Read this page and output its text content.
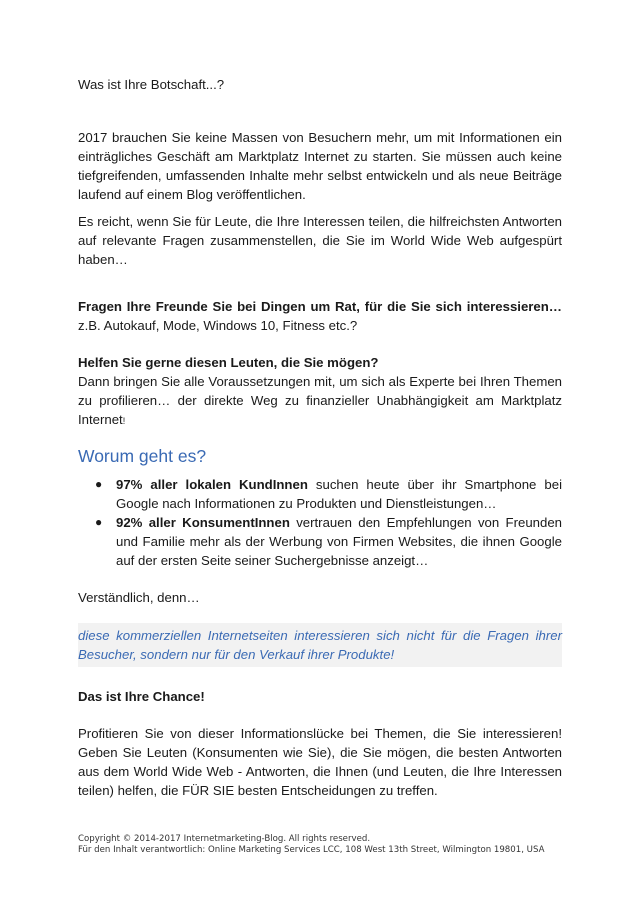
Was ist Ihre Botschaft...?

2017 brauchen Sie keine Massen von Besuchern mehr, um mit Informationen ein einträgliches Geschäft am Marktplatz Internet zu starten. Sie müssen auch keine tiefgreifenden, umfassenden Inhalte mehr selbst entwickeln und als neue Beiträge laufend auf einem Blog veröffentlichen.

Es reicht, wenn Sie für Leute, die Ihre Interessen teilen, die hilfreichsten Antworten auf relevante Fragen zusammenstellen, die Sie im World Wide Web aufgespürt haben…

Fragen Ihre Freunde Sie bei Dingen um Rat, für die Sie sich interessieren… z.B. Autokauf, Mode, Windows 10, Fitness etc.?

Helfen Sie gerne diesen Leuten, die Sie mögen?
Dann bringen Sie alle Voraussetzungen mit, um sich als Experte bei Ihren Themen zu profilieren… der direkte Weg zu finanzieller Unabhängigkeit am Marktplatz Internet!

Worum geht es?
● 97% aller lokalen KundInnen suchen heute über ihr Smartphone bei Google nach Informationen zu Produkten und Dienstleistungen…
● 92% aller KonsumentInnen vertrauen den Empfehlungen von Freunden und Familie mehr als der Werbung von Firmen Websites, die ihnen Google auf der ersten Seite seiner Suchergebnisse anzeigt…

Verständlich, denn…

diese kommerziellen Internetseiten interessieren sich nicht für die Fragen ihrer Besucher, sondern nur für den Verkauf ihrer Produkte!

Das ist Ihre Chance!

Profitieren Sie von dieser Informationslücke bei Themen, die Sie interessieren! Geben Sie Leuten (Konsumenten wie Sie), die Sie mögen, die besten Antworten aus dem World Wide Web - Antworten, die Ihnen (und Leuten, die Ihre Interessen teilen) helfen, die FÜR SIE besten Entscheidungen zu treffen.

Copyright © 2014-2017 Internetmarketing-Blog. All rights reserved.
Für den Inhalt verantwortlich: Online Marketing Services LCC, 108 West 13th Street, Wilmington 19801, USA
